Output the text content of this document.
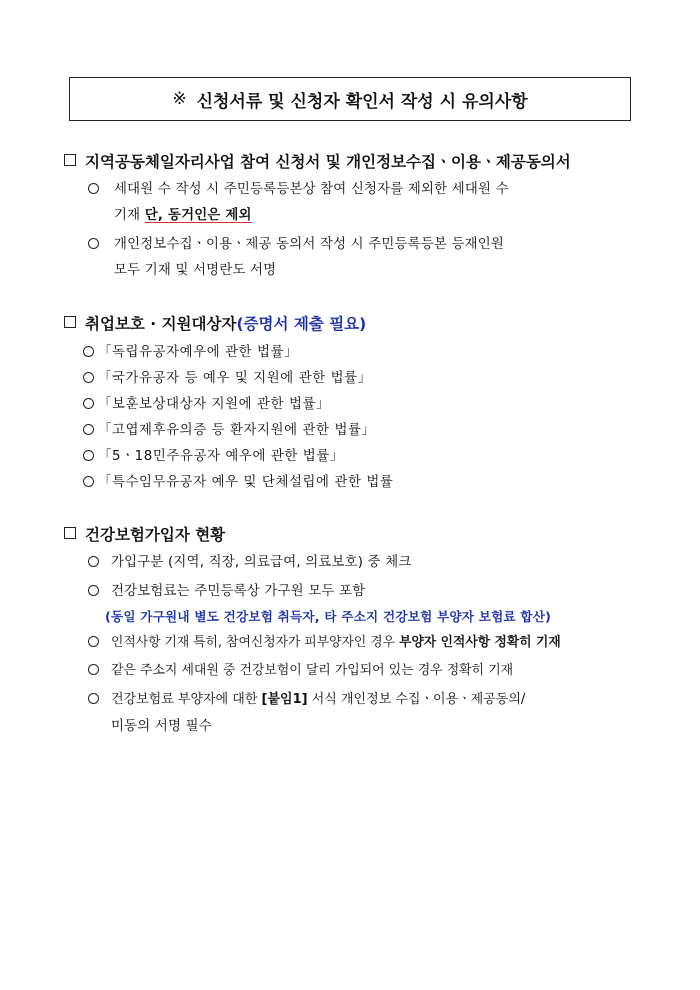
※ 신청서류 및 신청자 확인서 작성 시 유의사항
지역공동체일자리사업 참여 신청서 및 개인정보수집ㆍ이용ㆍ제공동의서
세대원 수 작성 시 주민등록등본상 참여 신청자를 제외한 세대원 수
기재 단, 동거인은 제외
개인정보수집ㆍ이용ㆍ제공 동의서 작성 시 주민등록등본 등재인원
모두 기재 및 서명란도 서명
취업보호 · 지원대상자(증명서 제출 필요)
「독립유공자예우에 관한 법률」
「국가유공자 등 예우 및 지원에 관한 법률」
「보훈보상대상자 지원에 관한 법률」
「고엽제후유의증 등 환자지원에 관한 법률」
「5ㆍ18민주유공자 예우에 관한 법률」
「특수임무유공자 예우 및 단체설립에 관한 법률
건강보험가입자 현황
가입구분 (지역, 직장, 의료급여, 의료보호) 중 체크
건강보험료는 주민등록상 가구원 모두 포함
(동일 가구원내 별도 건강보험 취득자, 타 주소지 건강보험 부양자 보험료 합산)
인적사항 기재 특히, 참여신청자가 피부양자인 경우 부양자 인적사항 정확히 기재
같은 주소지 세대원 중 건강보험이 달리 가입되어 있는 경우 정확히 기재
건강보험료 부양자에 대한 [붙임1] 서식 개인정보 수집ㆍ이용ㆍ제공동의/
미동의 서명 필수
